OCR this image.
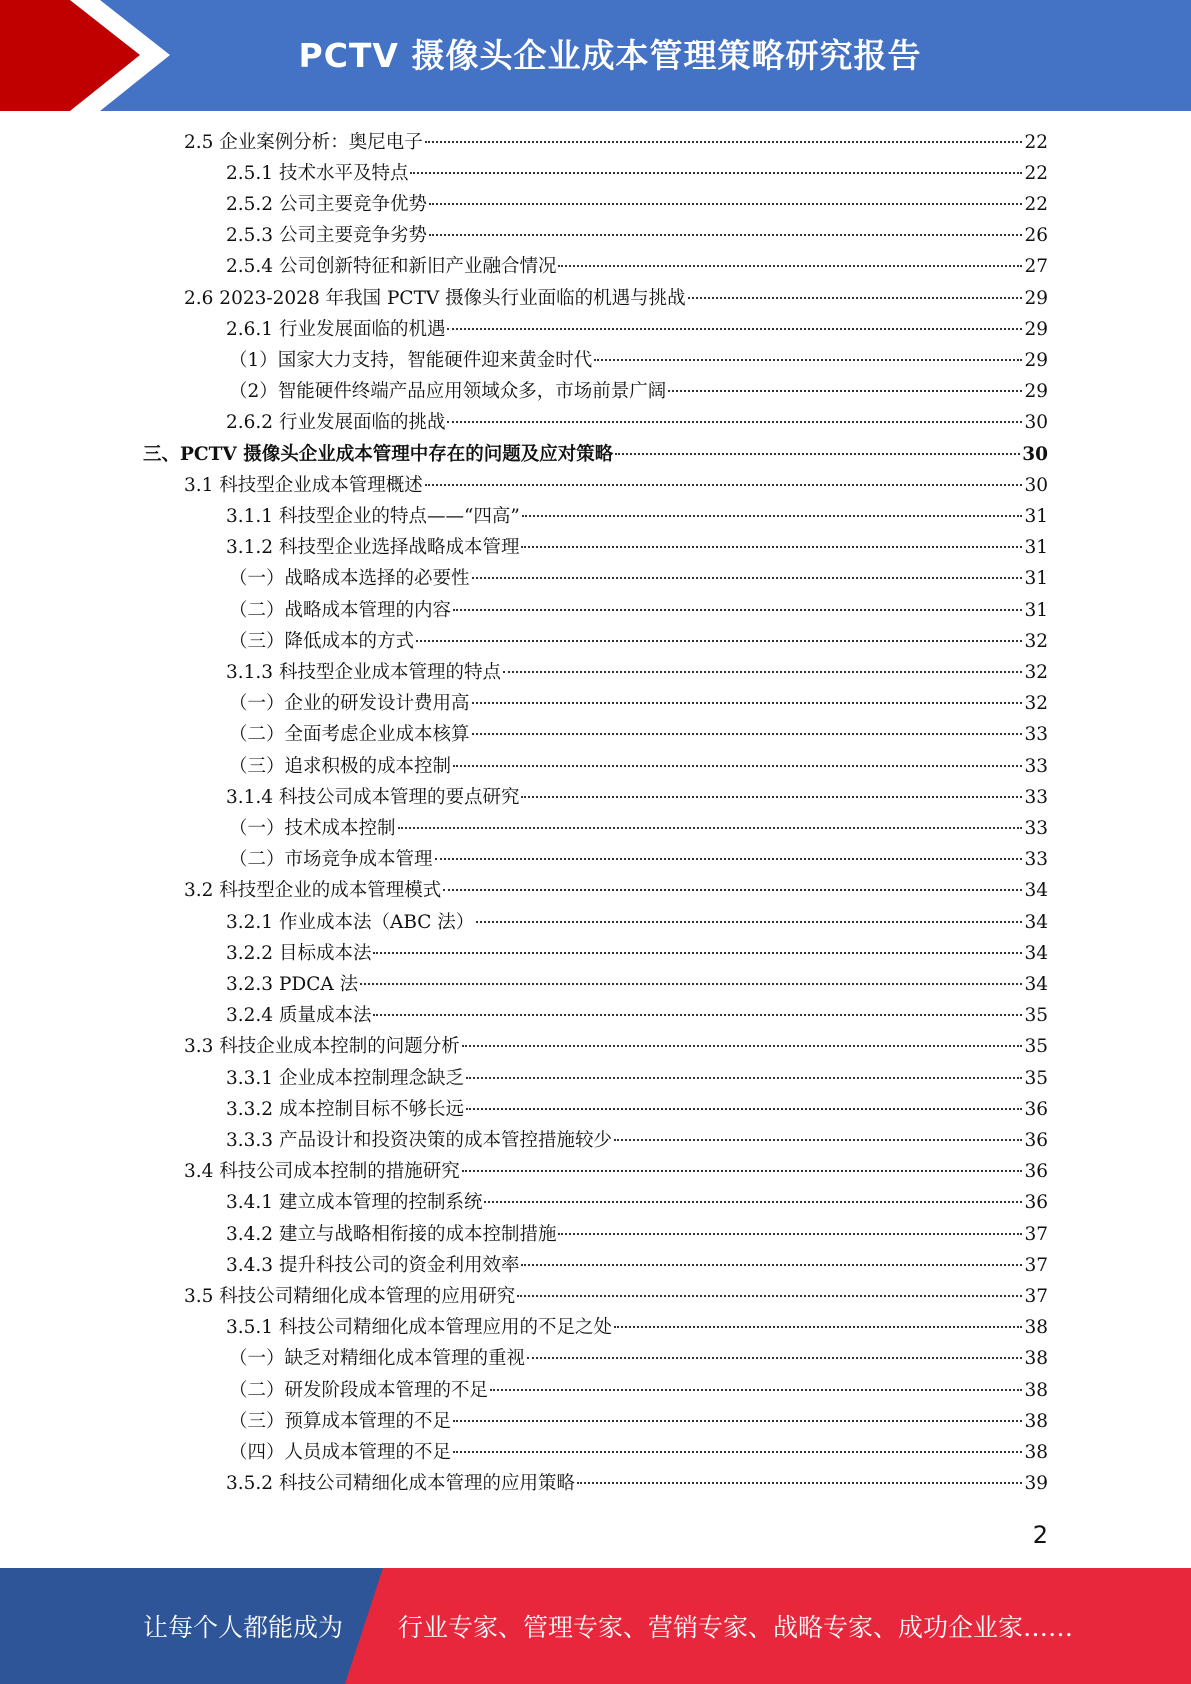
PCTV 摄像头企业成本管理策略研究报告
2.5 企业案例分析：奥尼电子	22
2.5.1 技术水平及特点	22
2.5.2 公司主要竞争优势	22
2.5.3 公司主要竞争劣势	26
2.5.4 公司创新特征和新旧产业融合情况	27
2.6 2023-2028 年我国 PCTV 摄像头行业面临的机遇与挑战	29
2.6.1 行业发展面临的机遇	29
（1）国家大力支持，智能硬件迎来黄金时代	29
（2）智能硬件终端产品应用领域众多，市场前景广阔	29
2.6.2 行业发展面临的挑战	30
三、PCTV 摄像头企业成本管理中存在的问题及应对策略	30
3.1 科技型企业成本管理概述	30
3.1.1 科技型企业的特点——“四高”	31
3.1.2 科技型企业选择战略成本管理	31
（一）战略成本选择的必要性	31
（二）战略成本管理的内容	31
（三）降低成本的方式	32
3.1.3 科技型企业成本管理的特点	32
（一）企业的研发设计费用高	32
（二）全面考虑企业成本核算	33
（三）追求积极的成本控制	33
3.1.4 科技公司成本管理的要点研究	33
（一）技术成本控制	33
（二）市场竞争成本管理	33
3.2 科技型企业的成本管理模式	34
3.2.1 作业成本法（ABC 法）	34
3.2.2 目标成本法	34
3.2.3 PDCA 法	34
3.2.4 质量成本法	35
3.3 科技企业成本控制的问题分析	35
3.3.1 企业成本控制理念缺乏	35
3.3.2 成本控制目标不够长远	36
3.3.3 产品设计和投资决策的成本管控措施较少	36
3.4 科技公司成本控制的措施研究	36
3.4.1 建立成本管理的控制系统	36
3.4.2 建立与战略相衔接的成本控制措施	37
3.4.3 提升科技公司的资金利用效率	37
3.5 科技公司精细化成本管理的应用研究	37
3.5.1 科技公司精细化成本管理应用的不足之处	38
（一）缺乏对精细化成本管理的重视	38
（二）研发阶段成本管理的不足	38
（三）预算成本管理的不足	38
（四）人员成本管理的不足	38
3.5.2 科技公司精细化成本管理的应用策略	39
2
让每个人都能成为 行业专家、管理专家、营销专家、战略专家、成功企业家……
